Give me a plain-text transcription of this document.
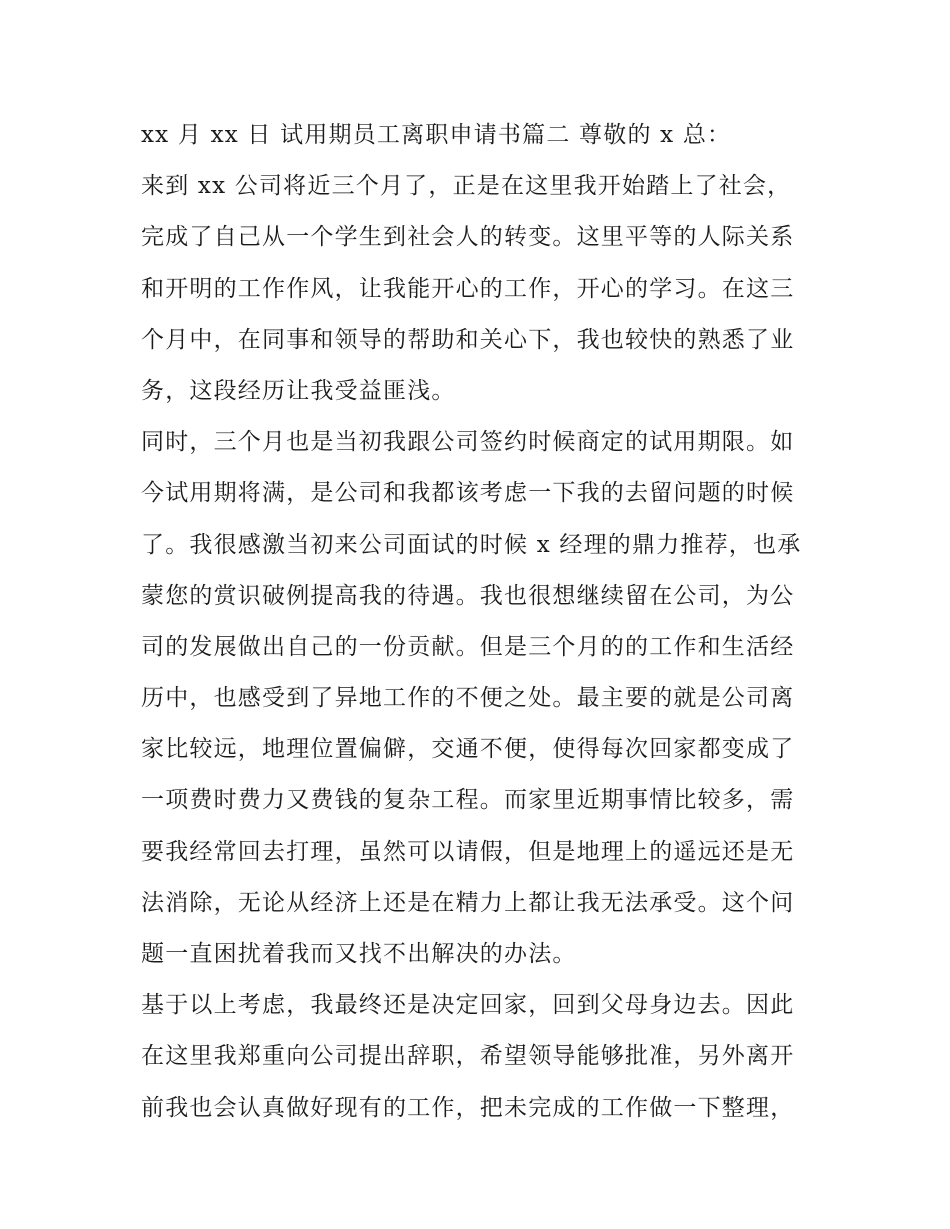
xx 月 xx 日 试用期员工离职申请书篇二 尊敬的 x 总：
来到 xx 公司将近三个月了，正是在这里我开始踏上了社会，
完成了自己从一个学生到社会人的转变。这里平等的人际关系
和开明的工作作风，让我能开心的工作，开心的学习。在这三
个月中，在同事和领导的帮助和关心下，我也较快的熟悉了业
务，这段经历让我受益匪浅。
同时，三个月也是当初我跟公司签约时候商定的试用期限。如
今试用期将满，是公司和我都该考虑一下我的去留问题的时候
了。我很感激当初来公司面试的时候 x 经理的鼎力推荐，也承
蒙您的赏识破例提高我的待遇。我也很想继续留在公司，为公
司的发展做出自己的一份贡献。但是三个月的的工作和生活经
历中，也感受到了异地工作的不便之处。最主要的就是公司离
家比较远，地理位置偏僻，交通不便，使得每次回家都变成了
一项费时费力又费钱的复杂工程。而家里近期事情比较多，需
要我经常回去打理，虽然可以请假，但是地理上的遥远还是无
法消除，无论从经济上还是在精力上都让我无法承受。这个问
题一直困扰着我而又找不出解决的办法。
基于以上考虑，我最终还是决定回家，回到父母身边去。因此
在这里我郑重向公司提出辞职，希望领导能够批准，另外离开
前我也会认真做好现有的工作，把未完成的工作做一下整理，
